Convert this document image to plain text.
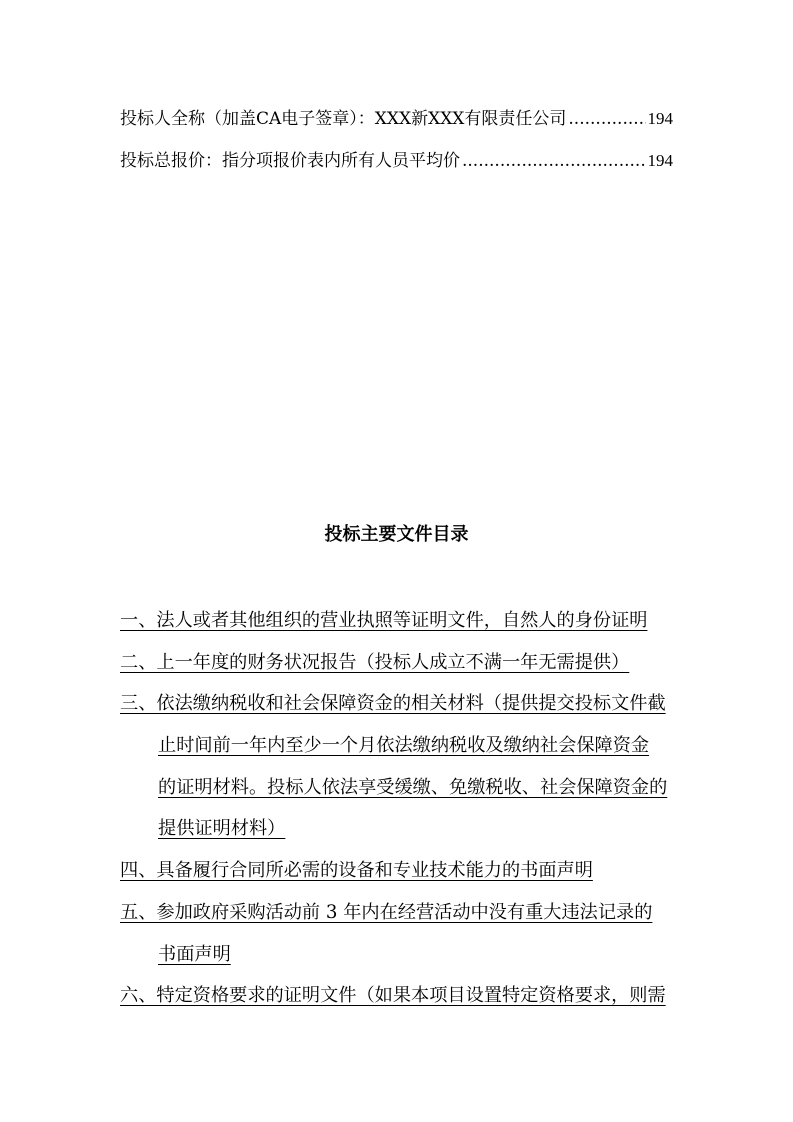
投标人全称（加盖CA电子签章）：XXX新XXX有限责任公司 .....	194
投标总报价：指分项报价表内所有人员平均价 .....	194
投标主要文件目录
一、法人或者其他组织的营业执照等证明文件，自然人的身份证明
二、上一年度的财务状况报告（投标人成立不满一年无需提供）
三、依法缴纳税收和社会保障资金的相关材料（提供提交投标文件截
止时间前一年内至少一个月依法缴纳税收及缴纳社会保障资金
的证明材料。投标人依法享受缓缴、免缴税收、社会保障资金的
提供证明材料）
四、具备履行合同所必需的设备和专业技术能力的书面声明
五、参加政府采购活动前 3 年内在经营活动中没有重大违法记录的
书面声明
六、特定资格要求的证明文件（如果本项目设置特定资格要求，则需
